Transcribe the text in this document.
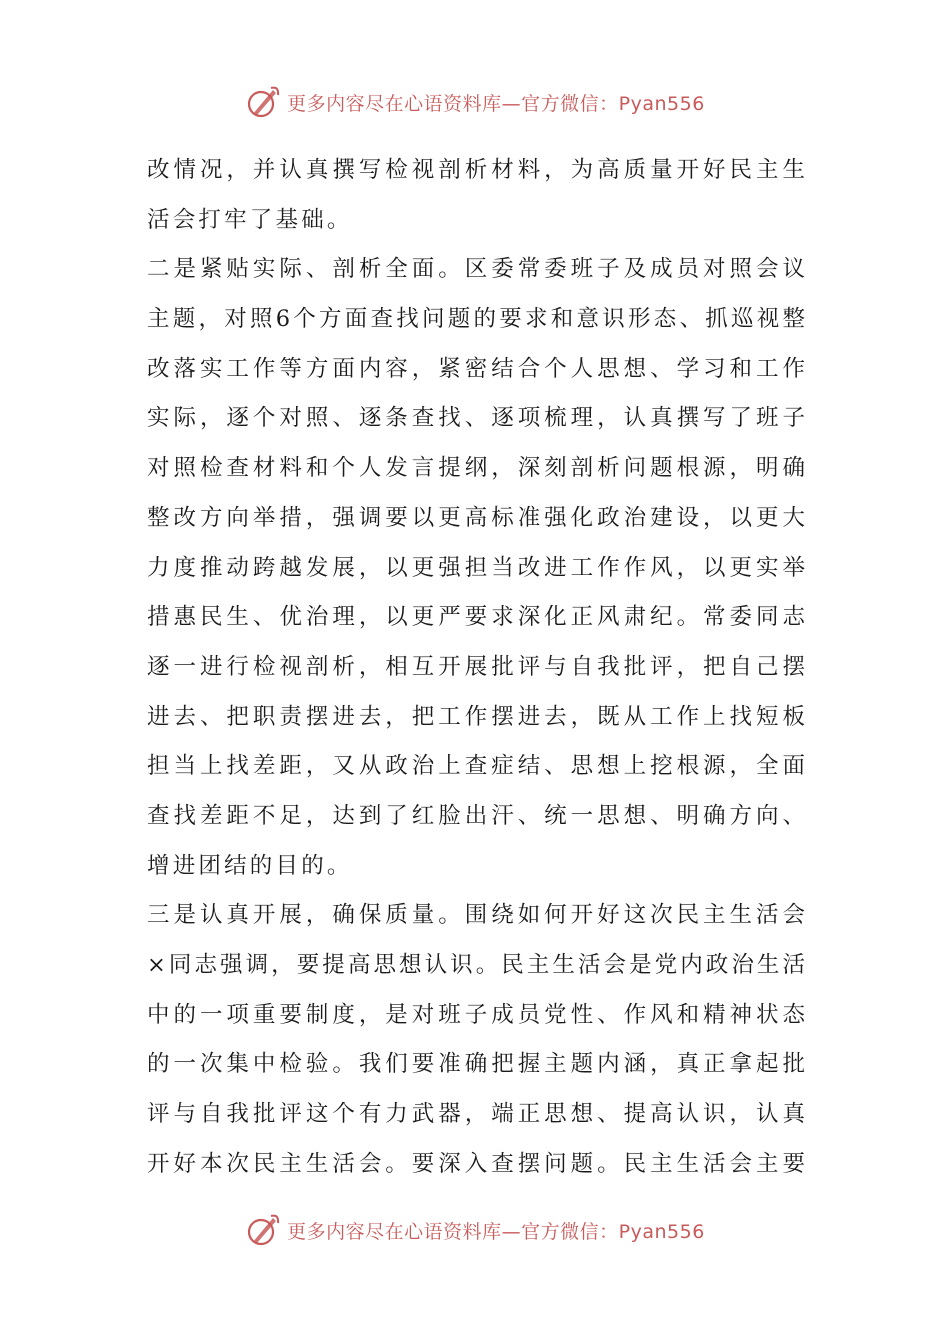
更多内容尽在心语资料库—官方微信：Pyan556
改情况，并认真撰写检视剖析材料，为高质量开好民主生
活会打牢了基础。
二是紧贴实际、剖析全面。区委常委班子及成员对照会议
主题，对照6个方面查找问题的要求和意识形态、抓巡视整
改落实工作等方面内容，紧密结合个人思想、学习和工作
实际，逐个对照、逐条查找、逐项梳理，认真撰写了班子
对照检查材料和个人发言提纲，深刻剖析问题根源，明确
整改方向举措，强调要以更高标准强化政治建设，以更大
力度推动跨越发展，以更强担当改进工作作风，以更实举
措惠民生、优治理，以更严要求深化正风肃纪。常委同志
逐一进行检视剖析，相互开展批评与自我批评，把自己摆
进去、把职责摆进去，把工作摆进去，既从工作上找短板
担当上找差距，又从政治上查症结、思想上挖根源，全面
查找差距不足，达到了红脸出汗、统一思想、明确方向、
增进团结的目的。
三是认真开展，确保质量。围绕如何开好这次民主生活会
×同志强调，要提高思想认识。民主生活会是党内政治生活
中的一项重要制度，是对班子成员党性、作风和精神状态
的一次集中检验。我们要准确把握主题内涵，真正拿起批
评与自我批评这个有力武器，端正思想、提高认识，认真
开好本次民主生活会。要深入查摆问题。民主生活会主要
更多内容尽在心语资料库—官方微信：Pyan556
